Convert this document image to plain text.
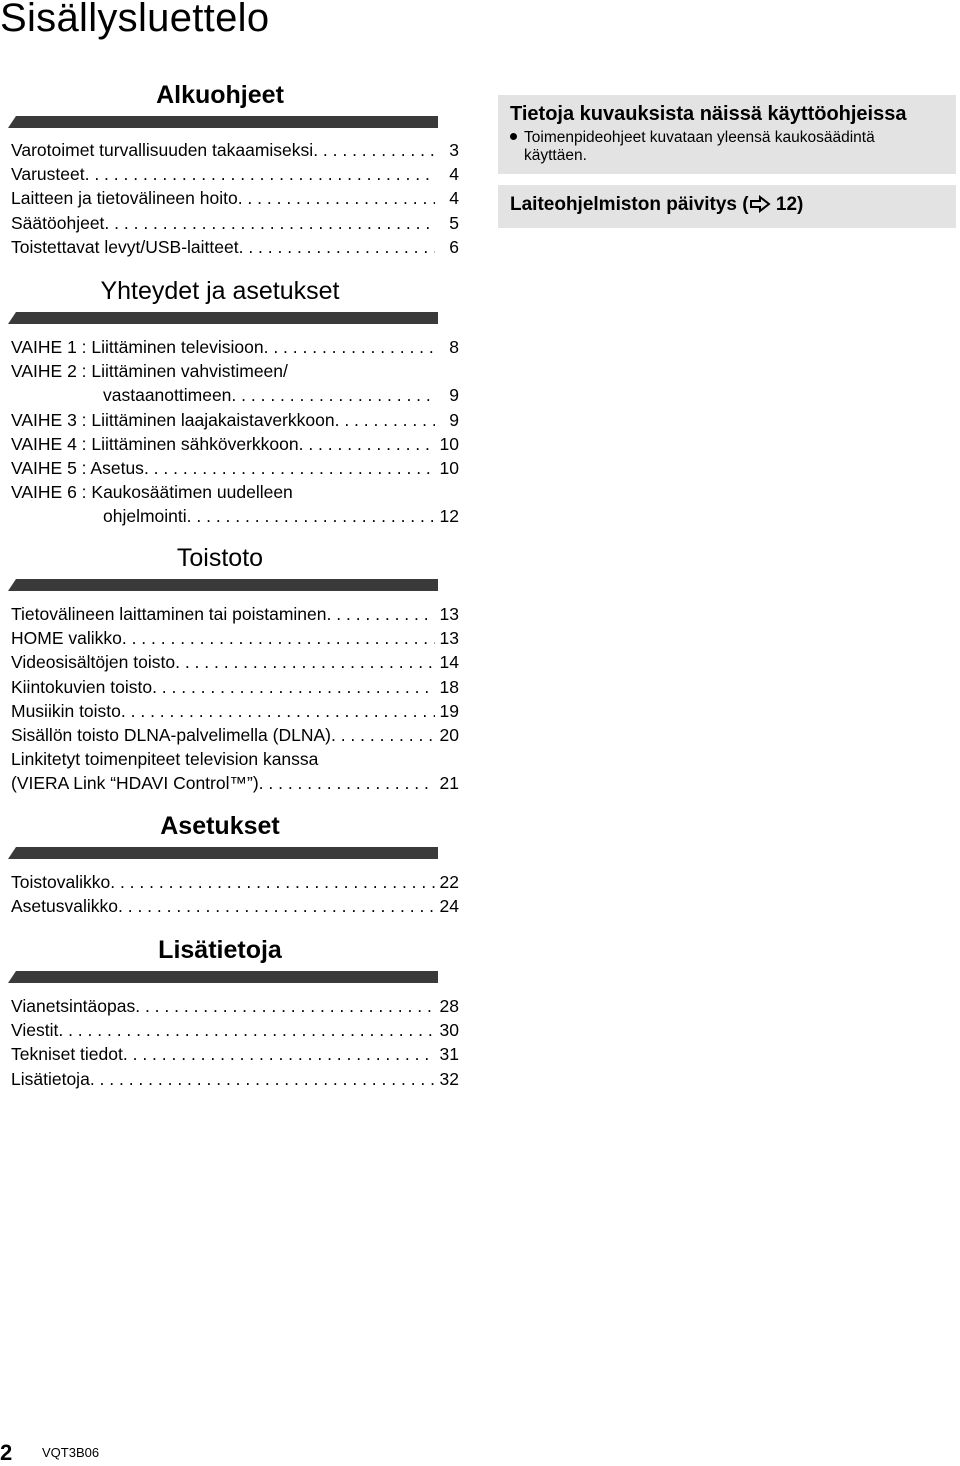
Sisällysluettelo
Alkuohjeet
Varotoimet turvallisuuden takaamiseksi . . .	3
Varusteet . . .	4
Laitteen ja tietovälineen hoito . . .	4
Säätöohjeet . . .	5
Toistettavat levyt/USB-laitteet . . .	6
Yhteydet ja asetukset
VAIHE 1 : Liittäminen televisioon . . .	8
VAIHE 2 : Liittäminen vahvistimeen/
vastaanottimeen . . .	9
VAIHE 3 : Liittäminen laajakaistaverkkoon . . .	9
VAIHE 4 : Liittäminen sähköverkkoon . . .	10
VAIHE 5 : Asetus . . .	10
VAIHE 6 : Kaukosäätimen uudelleen
ohjelmointi . . .	12
Toistoto
Tietovälineen laittaminen tai poistaminen . . .	13
HOME valikko . . .	13
Videosisältöjen toisto . . .	14
Kiintokuvien toisto . . .	18
Musiikin toisto . . .	19
Sisällön toisto DLNA-palvelimella (DLNA) . . .	20
Linkitetyt toimenpiteet television kanssa
(VIERA Link “HDAVI Control™”) . . .	21
Asetukset
Toistovalikko . . .	22
Asetusvalikko . . .	24
Lisätietoja
Vianetsintäopas . . .	28
Viestit . . .	30
Tekniset tiedot . . .	31
Lisätietoja . . .	32
Tietoja kuvauksista näissä käyttöohjeissa
Toimenpideohjeet kuvataan yleensä kaukosäädintä
käyttäen.
Laiteohjelmiston päivitys ( 12)
2 VQT3B06
